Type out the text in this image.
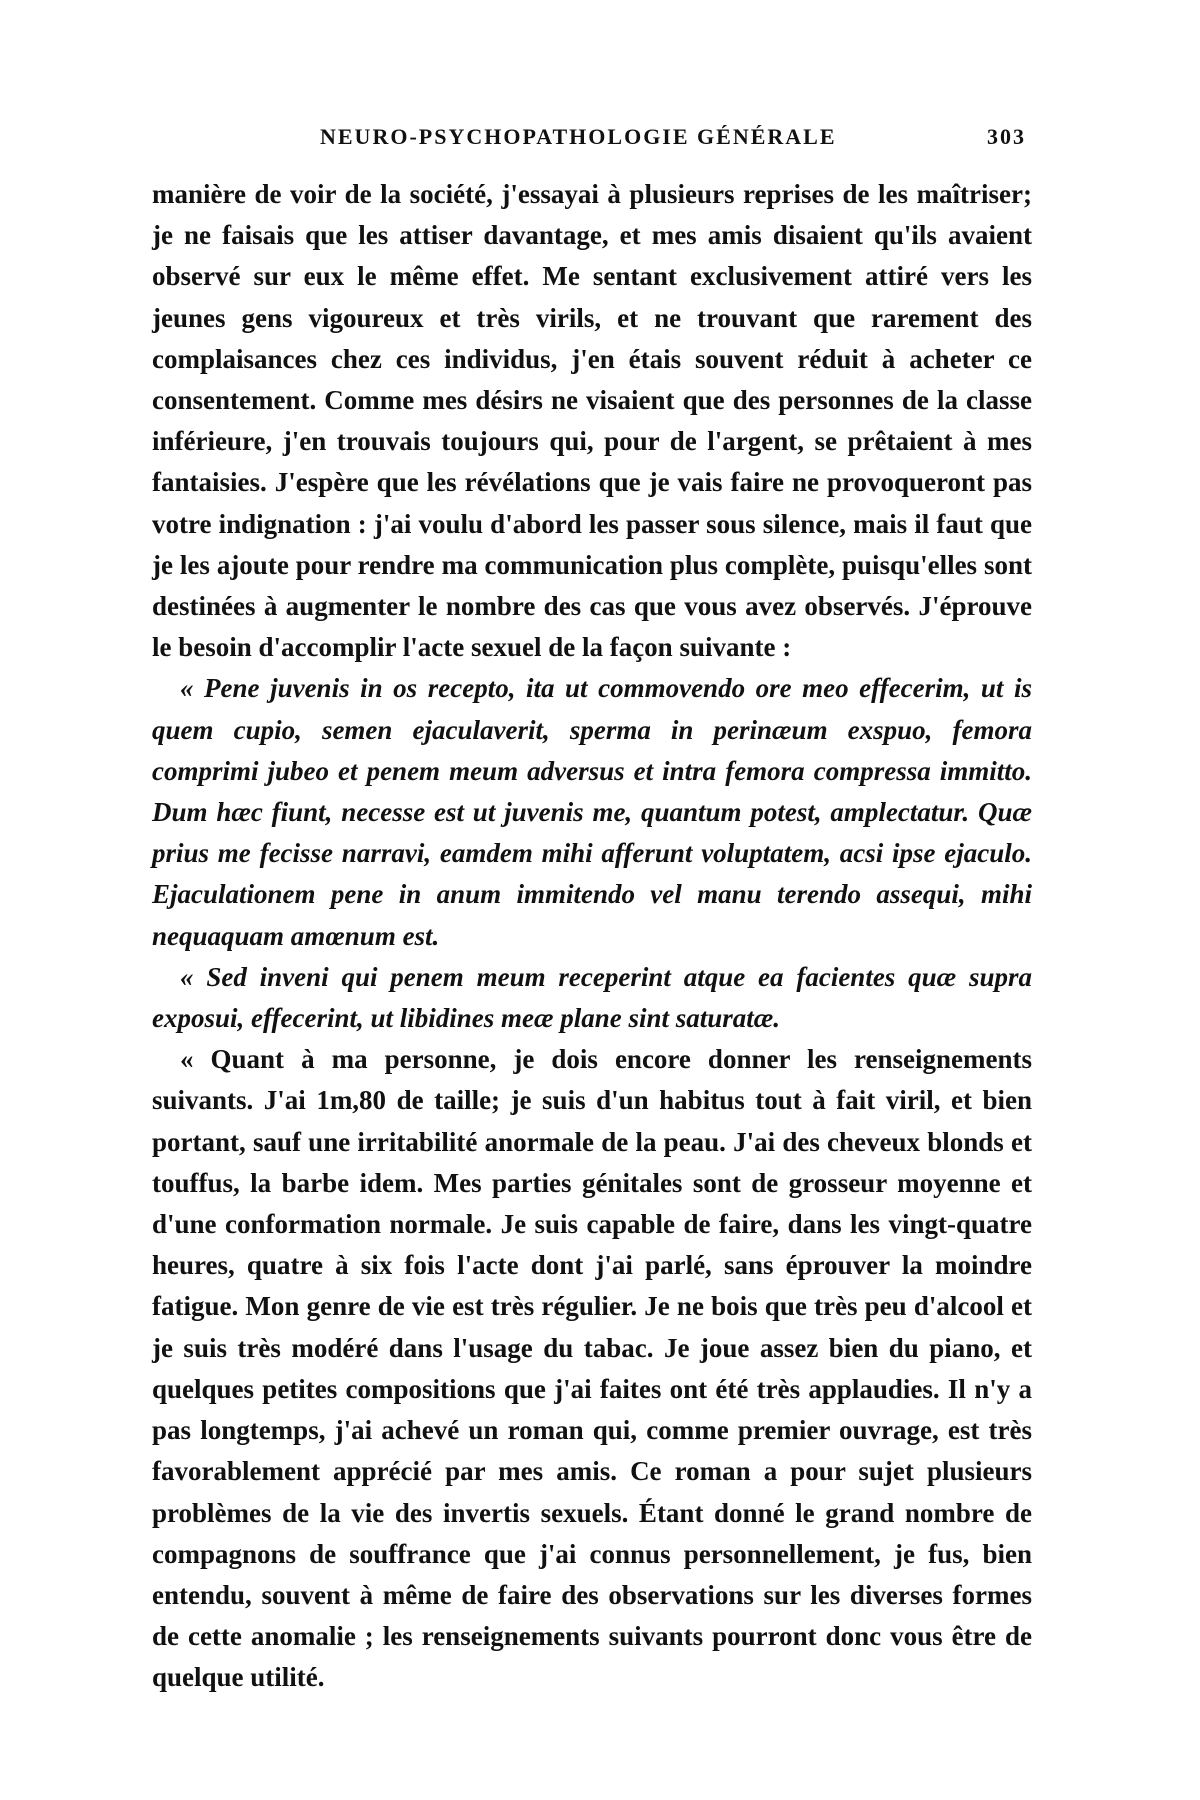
NEURO-PSYCHOPATHOLOGIE GÉNÉRALE	303

manière de voir de la société, j'essayai à plusieurs reprises de les maîtriser; je ne faisais que les attiser davantage, et mes amis disaient qu'ils avaient observé sur eux le même effet. Me sentant exclusivement attiré vers les jeunes gens vigoureux et très virils, et ne trouvant que rarement des complaisances chez ces individus, j'en étais souvent réduit à acheter ce consentement. Comme mes désirs ne visaient que des personnes de la classe inférieure, j'en trouvais toujours qui, pour de l'argent, se prêtaient à mes fantaisies. J'espère que les révélations que je vais faire ne provoqueront pas votre indignation : j'ai voulu d'abord les passer sous silence, mais il faut que je les ajoute pour rendre ma communication plus complète, puisqu'elles sont destinées à augmenter le nombre des cas que vous avez observés. J'éprouve le besoin d'accomplir l'acte sexuel de la façon suivante :

« Pene juvenis in os recepto, ita ut commovendo ore meo effecerim, ut is quem cupio, semen ejaculaverit, sperma in perinæum exspuo, femora comprimi jubeo et penem meum adversus et intra femora compressa immitto. Dum hæc fiunt, necesse est ut juvenis me, quantum potest, amplectatur. Quæ prius me fecisse narravi, eamdem mihi afferunt voluptatem, acsi ipse ejaculo. Ejaculationem pene in anum immitendo vel manu terendo assequi, mihi nequaquam amœnum est.

« Sed inveni qui penem meum receperint atque ea facientes quæ supra exposui, effecerint, ut libidines meæ plane sint saturatæ.

« Quant à ma personne, je dois encore donner les renseignements suivants. J'ai 1m,80 de taille; je suis d'un habitus tout à fait viril, et bien portant, sauf une irritabilité anormale de la peau. J'ai des cheveux blonds et touffus, la barbe idem. Mes parties génitales sont de grosseur moyenne et d'une conformation normale. Je suis capable de faire, dans les vingt-quatre heures, quatre à six fois l'acte dont j'ai parlé, sans éprouver la moindre fatigue. Mon genre de vie est très régulier. Je ne bois que très peu d'alcool et je suis très modéré dans l'usage du tabac. Je joue assez bien du piano, et quelques petites compositions que j'ai faites ont été très applaudies. Il n'y a pas longtemps, j'ai achevé un roman qui, comme premier ouvrage, est très favorablement apprécié par mes amis. Ce roman a pour sujet plusieurs problèmes de la vie des invertis sexuels. Étant donné le grand nombre de compagnons de souffrance que j'ai connus personnellement, je fus, bien entendu, souvent à même de faire des observations sur les diverses formes de cette anomalie ; les renseignements suivants pourront donc vous être de quelque utilité.
